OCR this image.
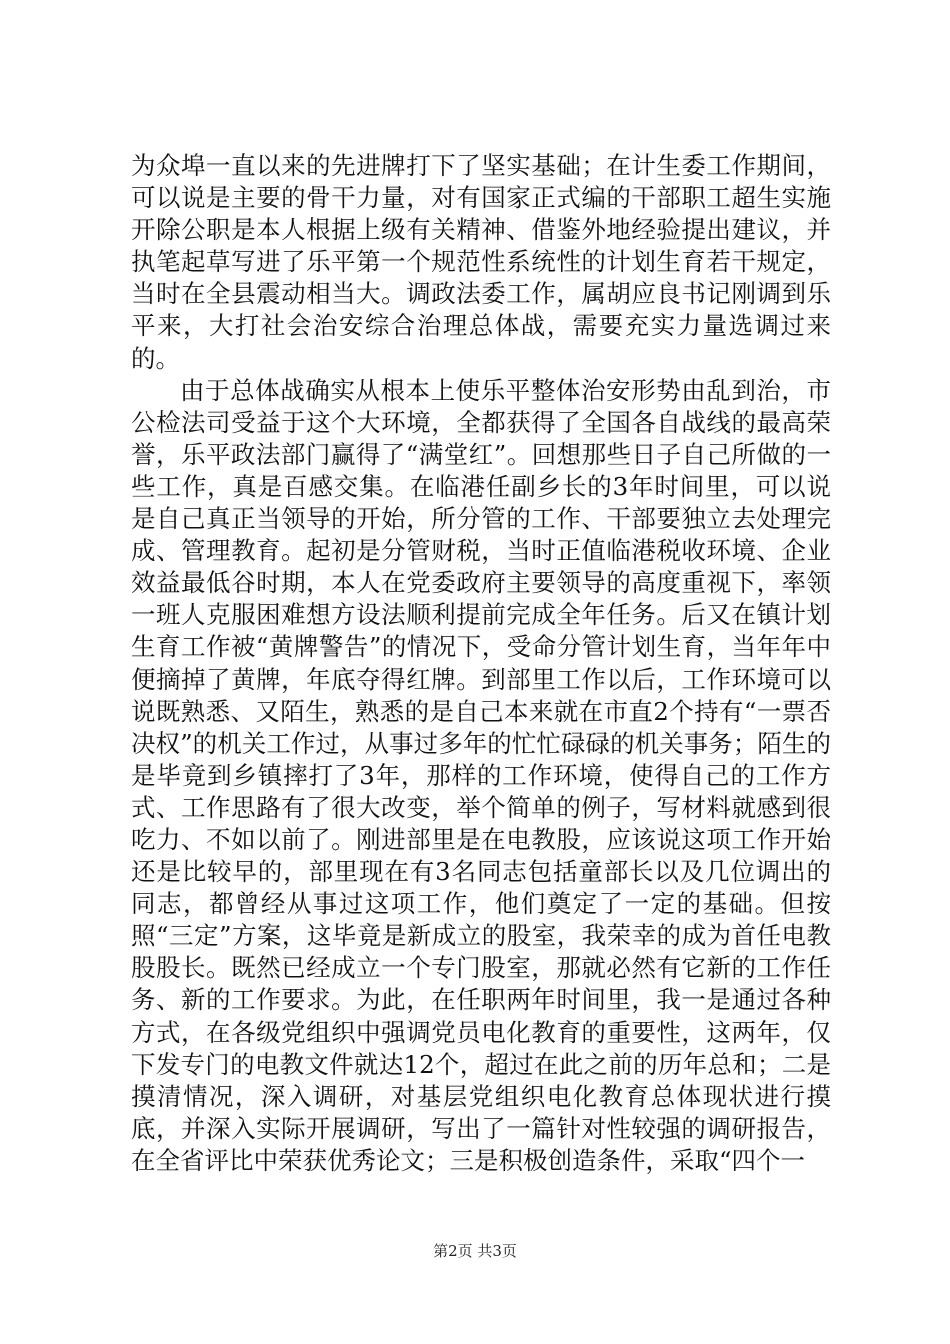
为众埠一直以来的先进牌打下了坚实基础；在计生委工作期间，可以说是主要的骨干力量，对有国家正式编的干部职工超生实施开除公职是本人根据上级有关精神、借鉴外地经验提出建议，并执笔起草写进了乐平第一个规范性系统性的计划生育若干规定，当时在全县震动相当大。调政法委工作，属胡应良书记刚调到乐平来，大打社会治安综合治理总体战，需要充实力量选调过来的。

由于总体战确实从根本上使乐平整体治安形势由乱到治，市公检法司受益于这个大环境，全都获得了全国各自战线的最高荣誉，乐平政法部门赢得了“满堂红”。回想那些日子自己所做的一些工作，真是百感交集。在临港任副乡长的3年时间里，可以说是自己真正当领导的开始，所分管的工作、干部要独立去处理完成、管理教育。起初是分管财税，当时正值临港税收环境、企业效益最低谷时期，本人在党委政府主要领导的高度重视下，率领一班人克服困难想方设法顺利提前完成全年任务。后又在镇计划生育工作被“黄牌警告”的情况下，受命分管计划生育，当年年中便摘掉了黄牌，年底夺得红牌。到部里工作以后，工作环境可以说既熟悉、又陌生，熟悉的是自己本来就在市直2个持有“一票否决权”的机关工作过，从事过多年的忙忙碌碌的机关事务；陌生的是毕竟到乡镇摔打了3年，那样的工作环境，使得自己的工作方式、工作思路有了很大改变，举个简单的例子，写材料就感到很吃力、不如以前了。刚进部里是在电教股，应该说这项工作开始还是比较早的，部里现在有3名同志包括童部长以及几位调出的同志，都曾经从事过这项工作，他们奠定了一定的基础。但按照“三定”方案，这毕竟是新成立的股室，我荣幸的成为首任电教股股长。既然已经成立一个专门股室，那就必然有它新的工作任务、新的工作要求。为此，在任职两年时间里，我一是通过各种方式，在各级党组织中强调党员电化教育的重要性，这两年，仅下发专门的电教文件就达12个，超过在此之前的历年总和；二是摸清情况，深入调研，对基层党组织电化教育总体现状进行摸底，并深入实际开展调研，写出了一篇针对性较强的调研报告，在全省评比中荣获优秀论文；三是积极创造条件，采取“四个一

第2页 共3页
